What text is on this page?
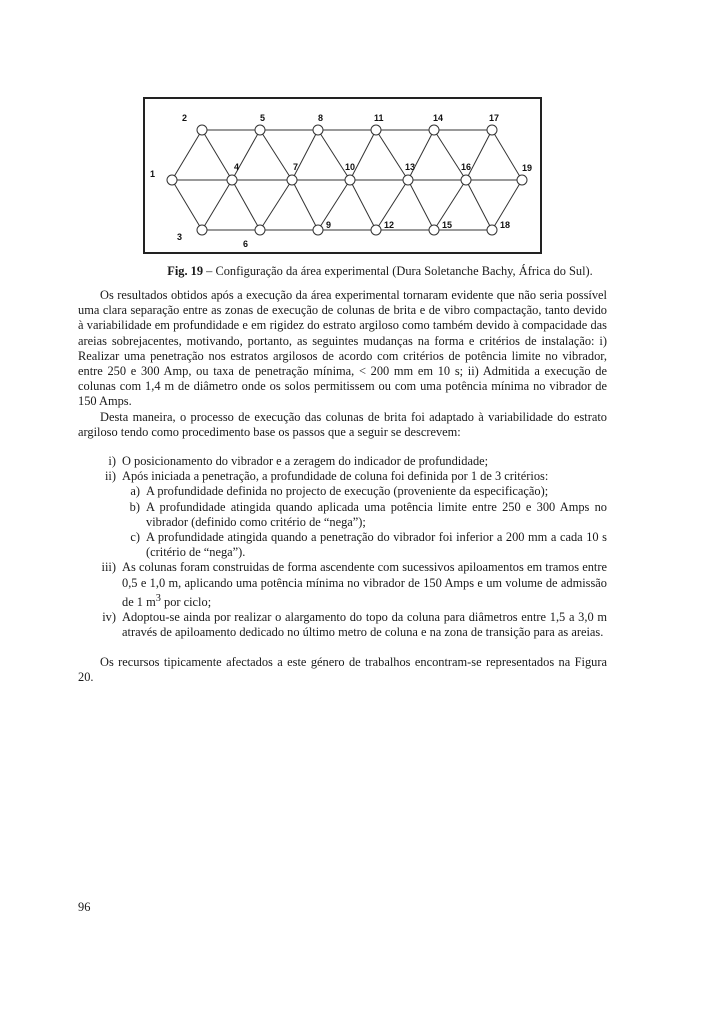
1
2
3
4
5
6
7
8
9
10
11
12
13
14
15
16
17
18
19
Fig. 19 – Configuração da área experimental (Dura Soletanche Bachy, África do Sul).

Os resultados obtidos após a execução da área experimental tornaram evidente que não seria possível uma clara separação entre as zonas de execução de colunas de brita e de vibro compactação, tanto devido à variabilidade em profundidade e em rigidez do estrato argiloso como também devido à compacidade das areias sobrejacentes, motivando, portanto, as seguintes mudanças na forma e critérios de instalação: i) Realizar uma penetração nos estratos argilosos de acordo com critérios de potência limite no vibrador, entre 250 e 300 Amp, ou taxa de penetração mínima, < 200 mm em 10 s; ii) Admitida a execução de colunas com 1,4 m de diâmetro onde os solos permitissem ou com uma potência mínima no vibrador de 150 Amps.

Desta maneira, o processo de execução das colunas de brita foi adaptado à variabilidade do estrato argiloso tendo como procedimento base os passos que a seguir se descrevem:

i) O posicionamento do vibrador e a zeragem do indicador de profundidade;
ii) Após iniciada a penetração, a profundidade de coluna foi definida por 1 de 3 critérios:
a) A profundidade definida no projecto de execução (proveniente da especificação);
b) A profundidade atingida quando aplicada uma potência limite entre 250 e 300 Amps no vibrador (definido como critério de “nega”);
c) A profundidade atingida quando a penetração do vibrador foi inferior a 200 mm a cada 10 s (critério de “nega”).
iii) As colunas foram construidas de forma ascendente com sucessivos apiloamentos em tramos entre 0,5 e 1,0 m, aplicando uma potência mínima no vibrador de 150 Amps e um volume de admissão de 1 $m^3$ por ciclo;
iv) Adoptou-se ainda por realizar o alargamento do topo da coluna para diâmetros entre 1,5 a 3,0 m através de apiloamento dedicado no último metro de coluna e na zona de transição para as areias.

Os recursos tipicamente afectados a este género de trabalhos encontram-se representados na Figura 20.

96
